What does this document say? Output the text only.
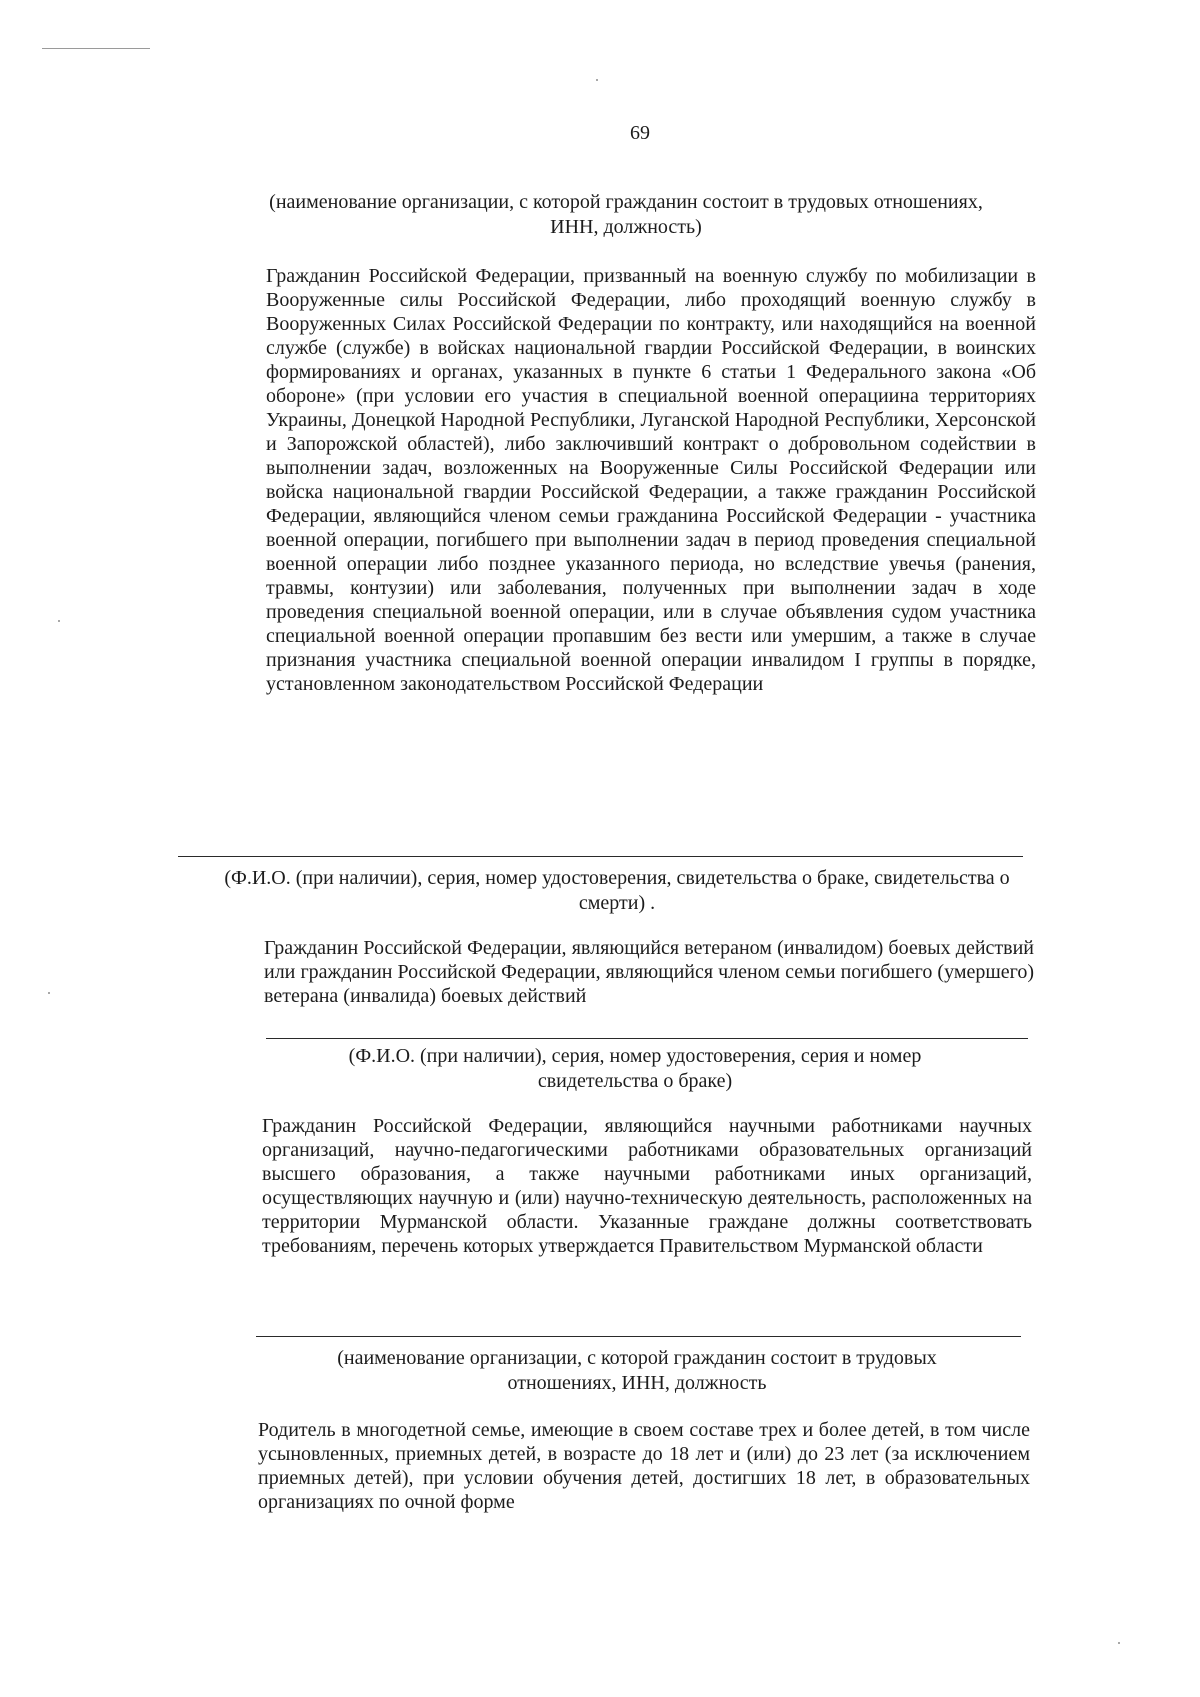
69
(наименование организации, с которой гражданин состоит в трудовых отношениях, ИНН, должность)
Гражданин Российской Федерации, призванный на военную службу по мобилизации в Вооруженные силы Российской Федерации, либо проходящий военную службу в Вооруженных Силах Российской Федерации по контракту, или находящийся на военной службе (службе) в войсках национальной гвардии Российской Федерации, в воинских формированиях и органах, указанных в пункте 6 статьи 1 Федерального закона «Об обороне» (при условии его участия в специальной военной операциина территориях Украины, Донецкой Народной Республики, Луганской Народной Республики, Херсонской и Запорожской областей), либо заключивший контракт о добровольном содействии в выполнении задач, возложенных на Вооруженные Силы Российской Федерации или войска национальной гвардии Российской Федерации, а также гражданин Российской Федерации, являющийся членом семьи гражданина Российской Федерации - участника военной операции, погибшего при выполнении задач в период проведения специальной военной операции либо позднее указанного периода, но вследствие увечья (ранения, травмы, контузии) или заболевания, полученных при выполнении задач в ходе проведения специальной военной операции, или в случае объявления судом участника специальной военной операции пропавшим без вести или умершим, а также в случае признания участника специальной военной операции инвалидом I группы в порядке, установленном законодательством Российской Федерации
(Ф.И.О. (при наличии), серия, номер удостоверения, свидетельства о браке, свидетельства о смерти) .
Гражданин Российской Федерации, являющийся ветераном (инвалидом) боевых действий или гражданин Российской Федерации, являющийся членом семьи погибшего (умершего) ветерана (инвалида) боевых действий
(Ф.И.О. (при наличии), серия, номер удостоверения, серия и номер свидетельства о браке)
Гражданин Российской Федерации, являющийся научными работниками научных организаций, научно-педагогическими работниками образовательных организаций высшего образования, а также научными работниками иных организаций, осуществляющих научную и (или) научно-техническую деятельность, расположенных на территории Мурманской области. Указанные граждане должны соответствовать требованиям, перечень которых утверждается Правительством Мурманской области
(наименование организации, с которой гражданин состоит в трудовых отношениях, ИНН, должность
Родитель в многодетной семье, имеющие в своем составе трех и более детей, в том числе усыновленных, приемных детей, в возрасте до 18 лет и (или) до 23 лет (за исключением приемных детей), при условии обучения детей, достигших 18 лет, в образовательных организациях по очной форме
